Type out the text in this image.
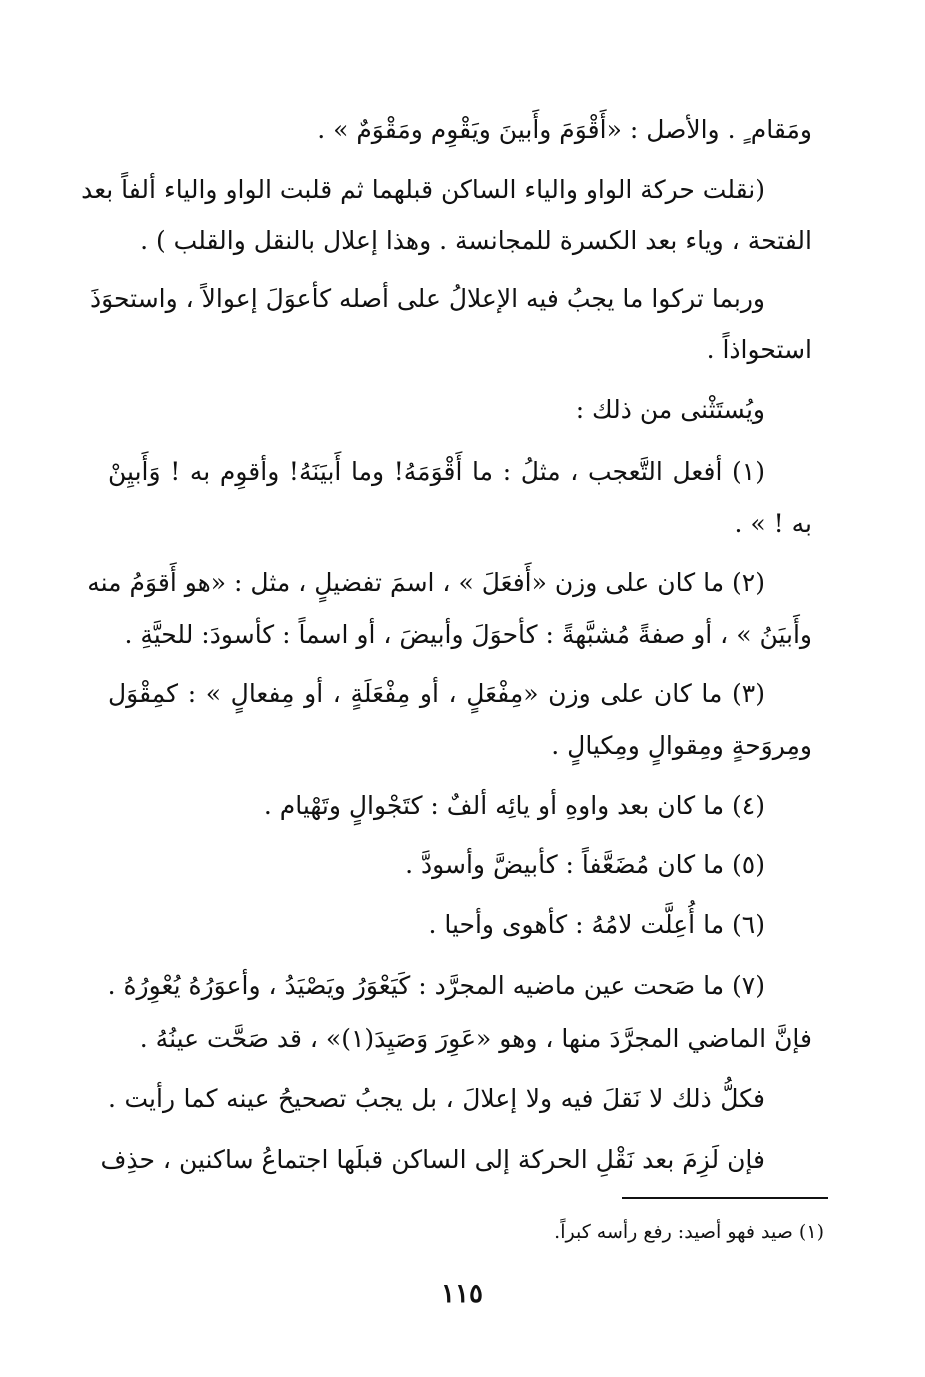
ومَقام ٍ . والأصل : «أَقْوَمَ وأَبينَ ويَقْوِم ومَقْوَمٌ » .
(نقلت حركة الواو والياء الساكن قبلهما ثم قلبت الواو والياء ألفاً بعد
الفتحة ، وياء بعد الكسرة للمجانسة . وهذا إعلال بالنقل والقلب ) .
وربما تركوا ما يجبُ فيه الإعلالُ على أصله كأعوَلَ إعوالاً ، واستحوَذَ
استحواذاً .
ويُستَثْنى من ذلك :
(١) أفعل التَّعجب ، مثلُ : ما أَقْوَمَهُ! وما أَبيَنَهُ! وأقوِم به ! وَأَبيِنْ
به ! » .
(٢) ما كان على وزن «أَفعَلَ » ، اسمَ تفضيلٍ ، مثل : «هو أَقوَمُ منه
وأَبيَنُ » ، أو صفةً مُشبَّهةً : كأحوَلَ وأبيضَ ، أو اسماً : كأسودَ: للحيَّةِ .
(٣) ما كان على وزن «مِفْعَلٍ ، أو مِفْعَلَةٍ ، أو مِفعالٍ » : كمِقْوَل
ومِروَحةٍ ومِقوالٍ ومِكيالٍ .
(٤) ما كان بعد واوهِ أو يائِه ألفٌ : كتَجْوالٍ وتَهْيام .
(٥) ما كان مُضَعَّفاً : كأبيضَّ وأسودَّ .
(٦) ما أُعِلَّت لامُهُ : كأهوى وأحيا .
(٧) ما صَحت عين ماضيه المجرَّد : كَيَعْوَرُ ويَصْيَدُ ، وأعوَرُهُ يُعْوِرُهُ .
فإنَّ الماضي المجرَّدَ منها ، وهو «عَوِرَ وَصَيِدَ(١)» ، قد صَحَّت عينُهُ .
فكلُّ ذلك لا نَقلَ فيه ولا إعلالَ ، بل يجبُ تصحيحُ عينه كما رأيت .
فإن لَزِمَ بعد نَقْلِ الحركة إلى الساكن قبلَها اجتماعُ ساكنين ، حذِف
(١) صيد فهو أصيد: رفع رأسه كبراً.
١١٥
